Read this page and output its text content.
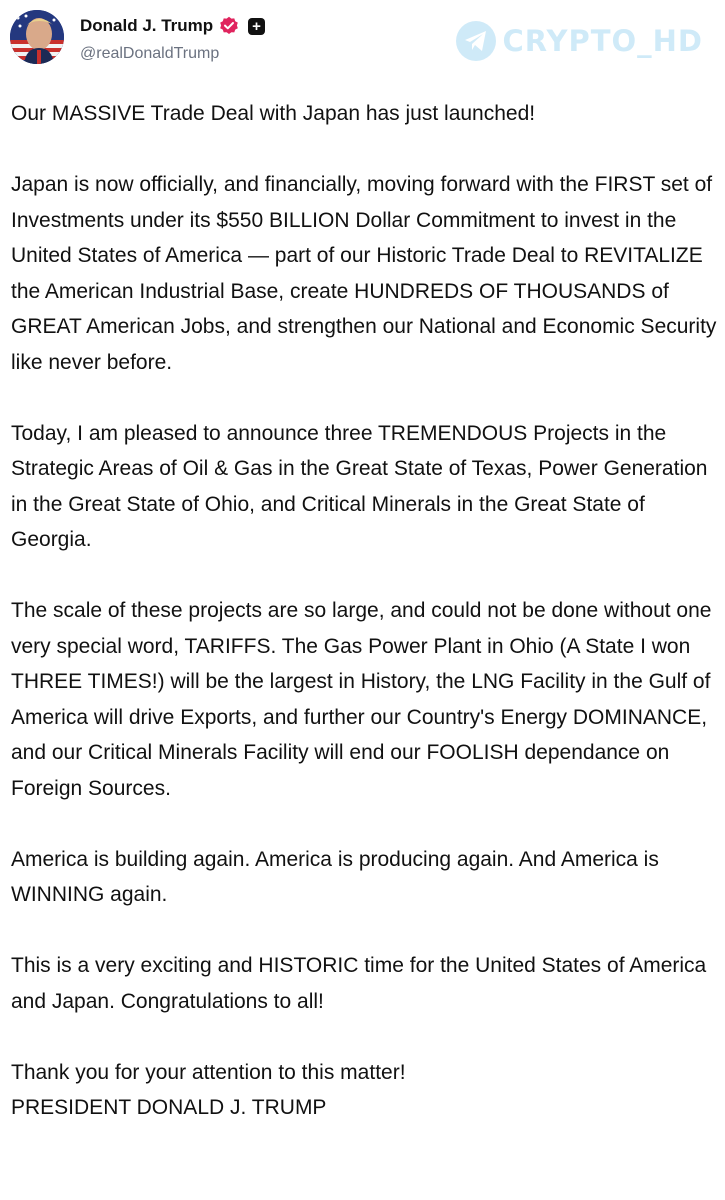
Donald J. Trump	+
@realDonaldTrump	CRYPTO_HD

Our MASSIVE Trade Deal with Japan has just launched!

Japan is now officially, and financially, moving forward with the FIRST set of Investments under its $550 BILLION Dollar Commitment to invest in the United States of America — part of our Historic Trade Deal to REVITALIZE the American Industrial Base, create HUNDREDS OF THOUSANDS of GREAT American Jobs, and strengthen our National and Economic Security like never before.

Today, I am pleased to announce three TREMENDOUS Projects in the Strategic Areas of Oil & Gas in the Great State of Texas, Power Generation in the Great State of Ohio, and Critical Minerals in the Great State of Georgia.

The scale of these projects are so large, and could not be done without one very special word, TARIFFS. The Gas Power Plant in Ohio (A State I won THREE TIMES!) will be the largest in History, the LNG Facility in the Gulf of America will drive Exports, and further our Country's Energy DOMINANCE, and our Critical Minerals Facility will end our FOOLISH dependance on Foreign Sources.

America is building again. America is producing again. And America is WINNING again.

This is a very exciting and HISTORIC time for the United States of America and Japan. Congratulations to all!

Thank you for your attention to this matter!

PRESIDENT DONALD J. TRUMP
